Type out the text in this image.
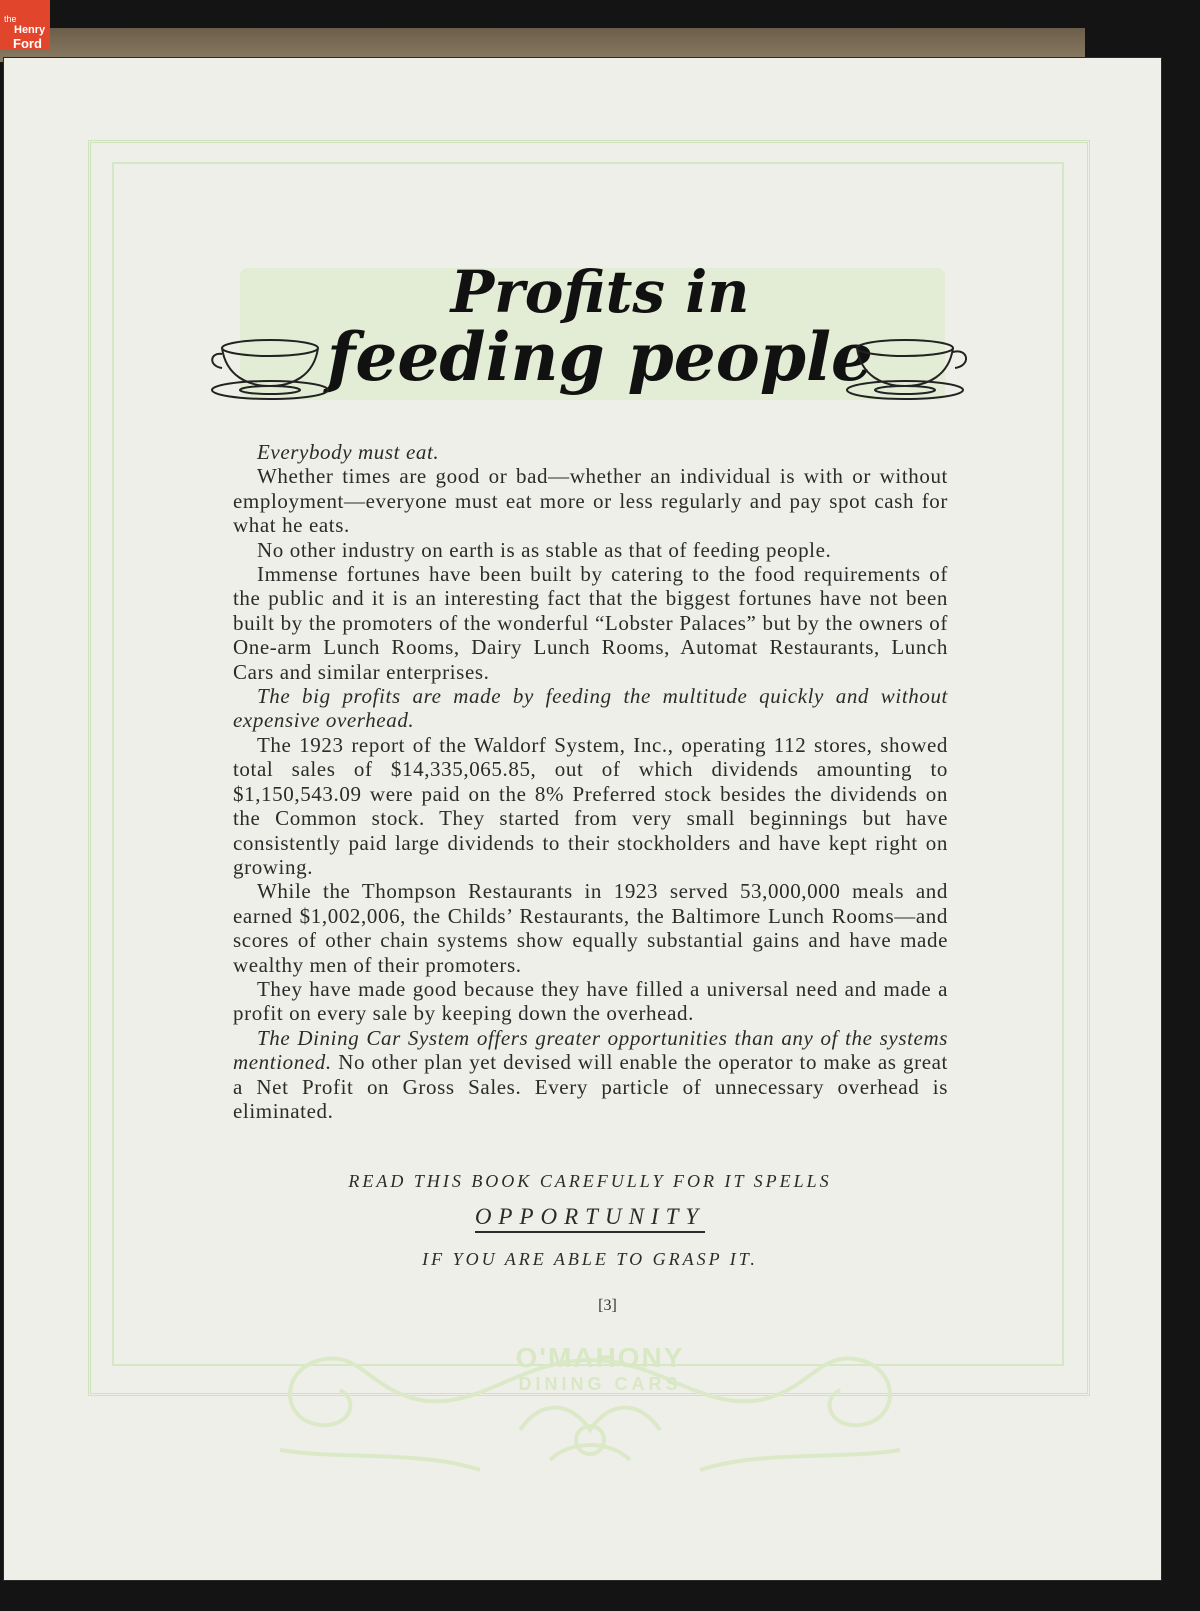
the
Henry
Ford
O'MAHONY
DINING CARS
Profits in
feeding people

Everybody must eat.

Whether times are good or bad—whether an individual is with or without employment—everyone must eat more or less regularly and pay spot cash for what he eats.

No other industry on earth is as stable as that of feeding people.

Immense fortunes have been built by catering to the food requirements of the public and it is an interesting fact that the biggest fortunes have not been built by the promoters of the wonderful “Lobster Palaces” but by the owners of One-arm Lunch Rooms, Dairy Lunch Rooms, Automat Restaurants, Lunch Cars and similar enterprises.

The big profits are made by feeding the multitude quickly and without expensive overhead.

The 1923 report of the Waldorf System, Inc., operating 112 stores, showed total sales of $14,335,065.85, out of which dividends amounting to $1,150,543.09 were paid on the 8% Preferred stock besides the dividends on the Common stock. They started from very small beginnings but have consistently paid large dividends to their stockholders and have kept right on growing.

While the Thompson Restaurants in 1923 served 53,000,000 meals and earned $1,002,006, the Childs’ Restaurants, the Baltimore Lunch Rooms—and scores of other chain systems show equally substantial gains and have made wealthy men of their promoters.

They have made good because they have filled a universal need and made a profit on every sale by keeping down the overhead.

The Dining Car System offers greater opportunities than any of the systems mentioned. No other plan yet devised will enable the operator to make as great a Net Profit on Gross Sales. Every particle of unnecessary overhead is eliminated.

READ THIS BOOK CAREFULLY FOR IT SPELLS
OPPORTUNITY
IF YOU ARE ABLE TO GRASP IT.
[3]
